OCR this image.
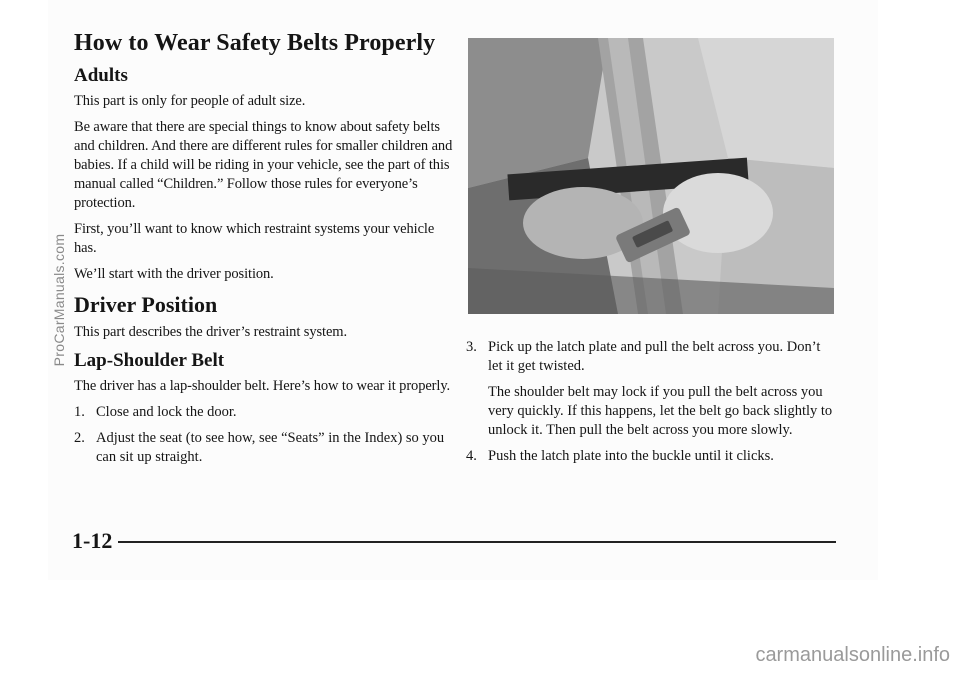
How to Wear Safety Belts Properly
Adults

This part is only for people of adult size.

Be aware that there are special things to know about safety belts and children. And there are different rules for smaller children and babies. If a child will be riding in your vehicle, see the part of this manual called “Children.” Follow those rules for everyone’s protection.

First, you’ll want to know which restraint systems your vehicle has.

We’ll start with the driver position.

Driver Position

This part describes the driver’s restraint system.

Lap-Shoulder Belt

The driver has a lap-shoulder belt. Here’s how to wear it properly.

1. Close and lock the door.
2. Adjust the seat (to see how, see “Seats” in the Index) so you can sit up straight.
3. Pick up the latch plate and pull the belt across you. Don’t let it get twisted.
The shoulder belt may lock if you pull the belt across you very quickly. If this happens, let the belt go back slightly to unlock it. Then pull the belt across you more slowly.
4. Push the latch plate into the buckle until it clicks.
1-12
ProCarManuals.com
carmanualsonline.info
